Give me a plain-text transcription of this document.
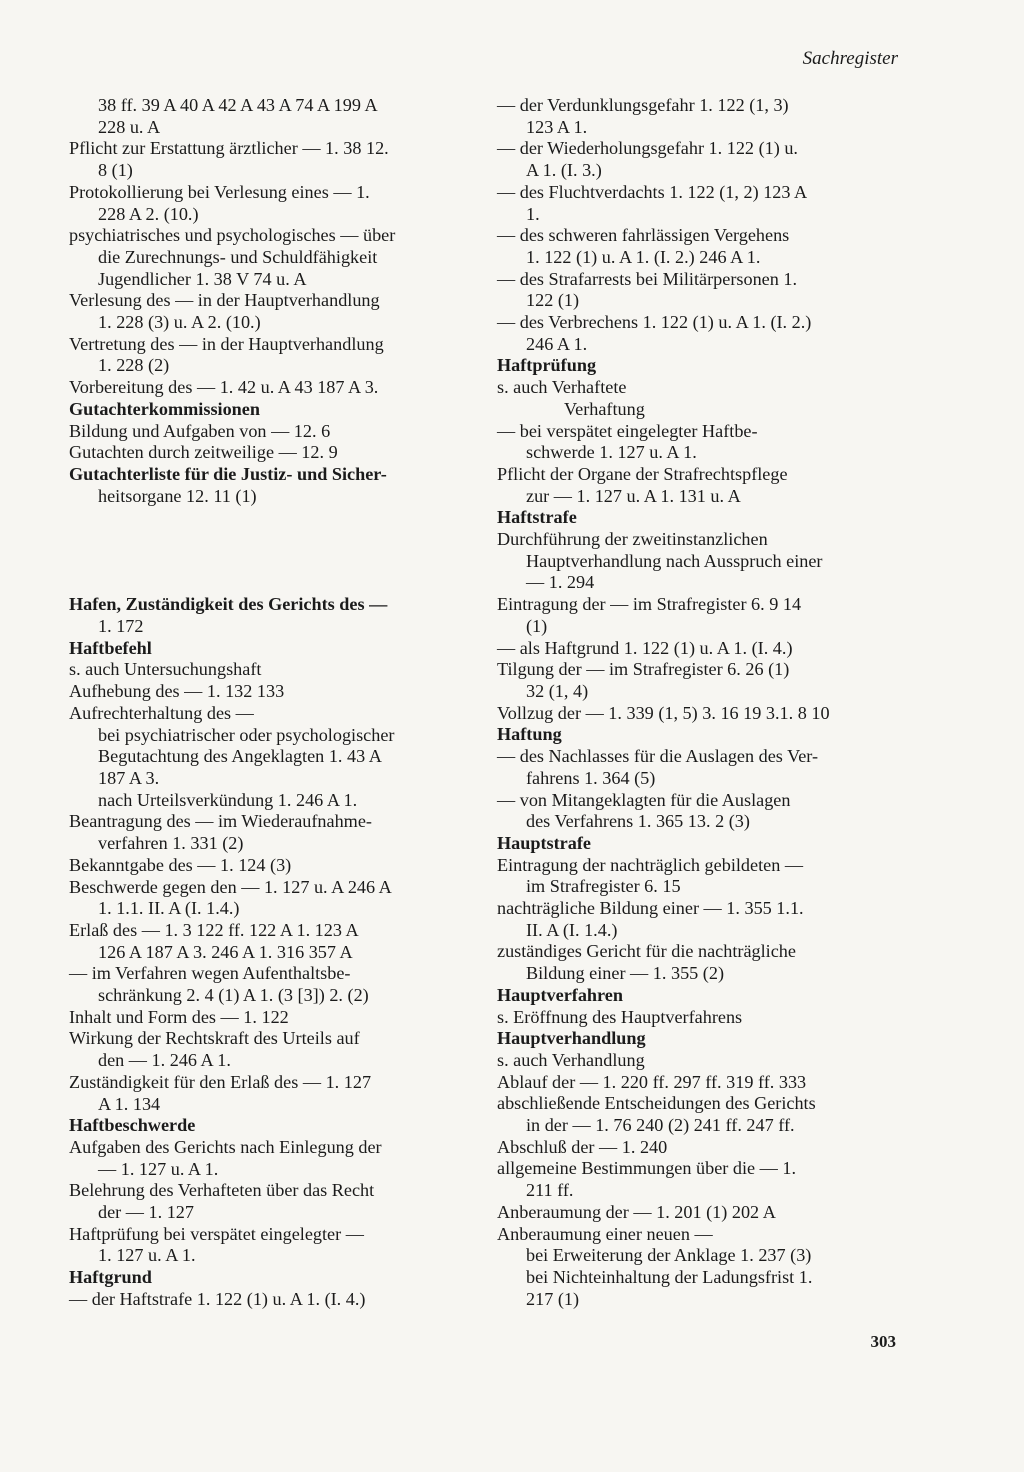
Sachregister
38 ff. 39 A 40 A 42 A 43 A 74 A 199 A
228 u. A
Pflicht zur Erstattung ärztlicher — 1. 38 12.
8 (1)
Protokollierung bei Verlesung eines — 1.
228 A 2. (10.)
psychiatrisches und psychologisches — über
die Zurechnungs- und Schuldfähigkeit
Jugendlicher 1. 38 V 74 u. A
Verlesung des — in der Hauptverhandlung
1. 228 (3) u. A 2. (10.)
Vertretung des — in der Hauptverhandlung
1. 228 (2)
Vorbereitung des — 1. 42 u. A 43 187 A 3.
Gutachterkommissionen
Bildung und Aufgaben von — 12. 6
Gutachten durch zeitweilige — 12. 9
Gutachterliste für die Justiz- und Sicher-
heitsorgane 12. 11 (1)
Hafen, Zuständigkeit des Gerichts des —
1. 172
Haftbefehl
s. auch Untersuchungshaft
Aufhebung des — 1. 132 133
Aufrechterhaltung des —
bei psychiatrischer oder psychologischer
Begutachtung des Angeklagten 1. 43 A
187 A 3.
nach Urteilsverkündung 1. 246 A 1.
Beantragung des — im Wiederaufnahme-
verfahren 1. 331 (2)
Bekanntgabe des — 1. 124 (3)
Beschwerde gegen den — 1. 127 u. A 246 A
1. 1.1. II. A (I. 1.4.)
Erlaß des — 1. 3 122 ff. 122 A 1. 123 A
126 A 187 A 3. 246 A 1. 316 357 A
— im Verfahren wegen Aufenthaltsbe-
schränkung 2. 4 (1) A 1. (3 [3]) 2. (2)
Inhalt und Form des — 1. 122
Wirkung der Rechtskraft des Urteils auf
den — 1. 246 A 1.
Zuständigkeit für den Erlaß des — 1. 127
A 1. 134
Haftbeschwerde
Aufgaben des Gerichts nach Einlegung der
— 1. 127 u. A 1.
Belehrung des Verhafteten über das Recht
der — 1. 127
Haftprüfung bei verspätet eingelegter —
1. 127 u. A 1.
Haftgrund
— der Haftstrafe 1. 122 (1) u. A 1. (I. 4.)
— der Verdunklungsgefahr 1. 122 (1, 3)
123 A 1.
— der Wiederholungsgefahr 1. 122 (1) u.
A 1. (I. 3.)
— des Fluchtverdachts 1. 122 (1, 2) 123 A
1.
— des schweren fahrlässigen Vergehens
1. 122 (1) u. A 1. (I. 2.) 246 A 1.
— des Strafarrests bei Militärpersonen 1.
122 (1)
— des Verbrechens 1. 122 (1) u. A 1. (I. 2.)
246 A 1.
Haftprüfung
s. auch Verhaftete
Verhaftung
— bei verspätet eingelegter Haftbe-
schwerde 1. 127 u. A 1.
Pflicht der Organe der Strafrechtspflege
zur — 1. 127 u. A 1. 131 u. A
Haftstrafe
Durchführung der zweitinstanzlichen
Hauptverhandlung nach Ausspruch einer
— 1. 294
Eintragung der — im Strafregister 6. 9 14
(1)
— als Haftgrund 1. 122 (1) u. A 1. (I. 4.)
Tilgung der — im Strafregister 6. 26 (1)
32 (1, 4)
Vollzug der — 1. 339 (1, 5) 3. 16 19 3.1. 8 10
Haftung
— des Nachlasses für die Auslagen des Ver-
fahrens 1. 364 (5)
— von Mitangeklagten für die Auslagen
des Verfahrens 1. 365 13. 2 (3)
Hauptstrafe
Eintragung der nachträglich gebildeten —
im Strafregister 6. 15
nachträgliche Bildung einer — 1. 355 1.1.
II. A (I. 1.4.)
zuständiges Gericht für die nachträgliche
Bildung einer — 1. 355 (2)
Hauptverfahren
s. Eröffnung des Hauptverfahrens
Hauptverhandlung
s. auch Verhandlung
Ablauf der — 1. 220 ff. 297 ff. 319 ff. 333
abschließende Entscheidungen des Gerichts
in der — 1. 76 240 (2) 241 ff. 247 ff.
Abschluß der — 1. 240
allgemeine Bestimmungen über die — 1.
211 ff.
Anberaumung der — 1. 201 (1) 202 A
Anberaumung einer neuen —
bei Erweiterung der Anklage 1. 237 (3)
bei Nichteinhaltung der Ladungsfrist 1.
217 (1)
303
